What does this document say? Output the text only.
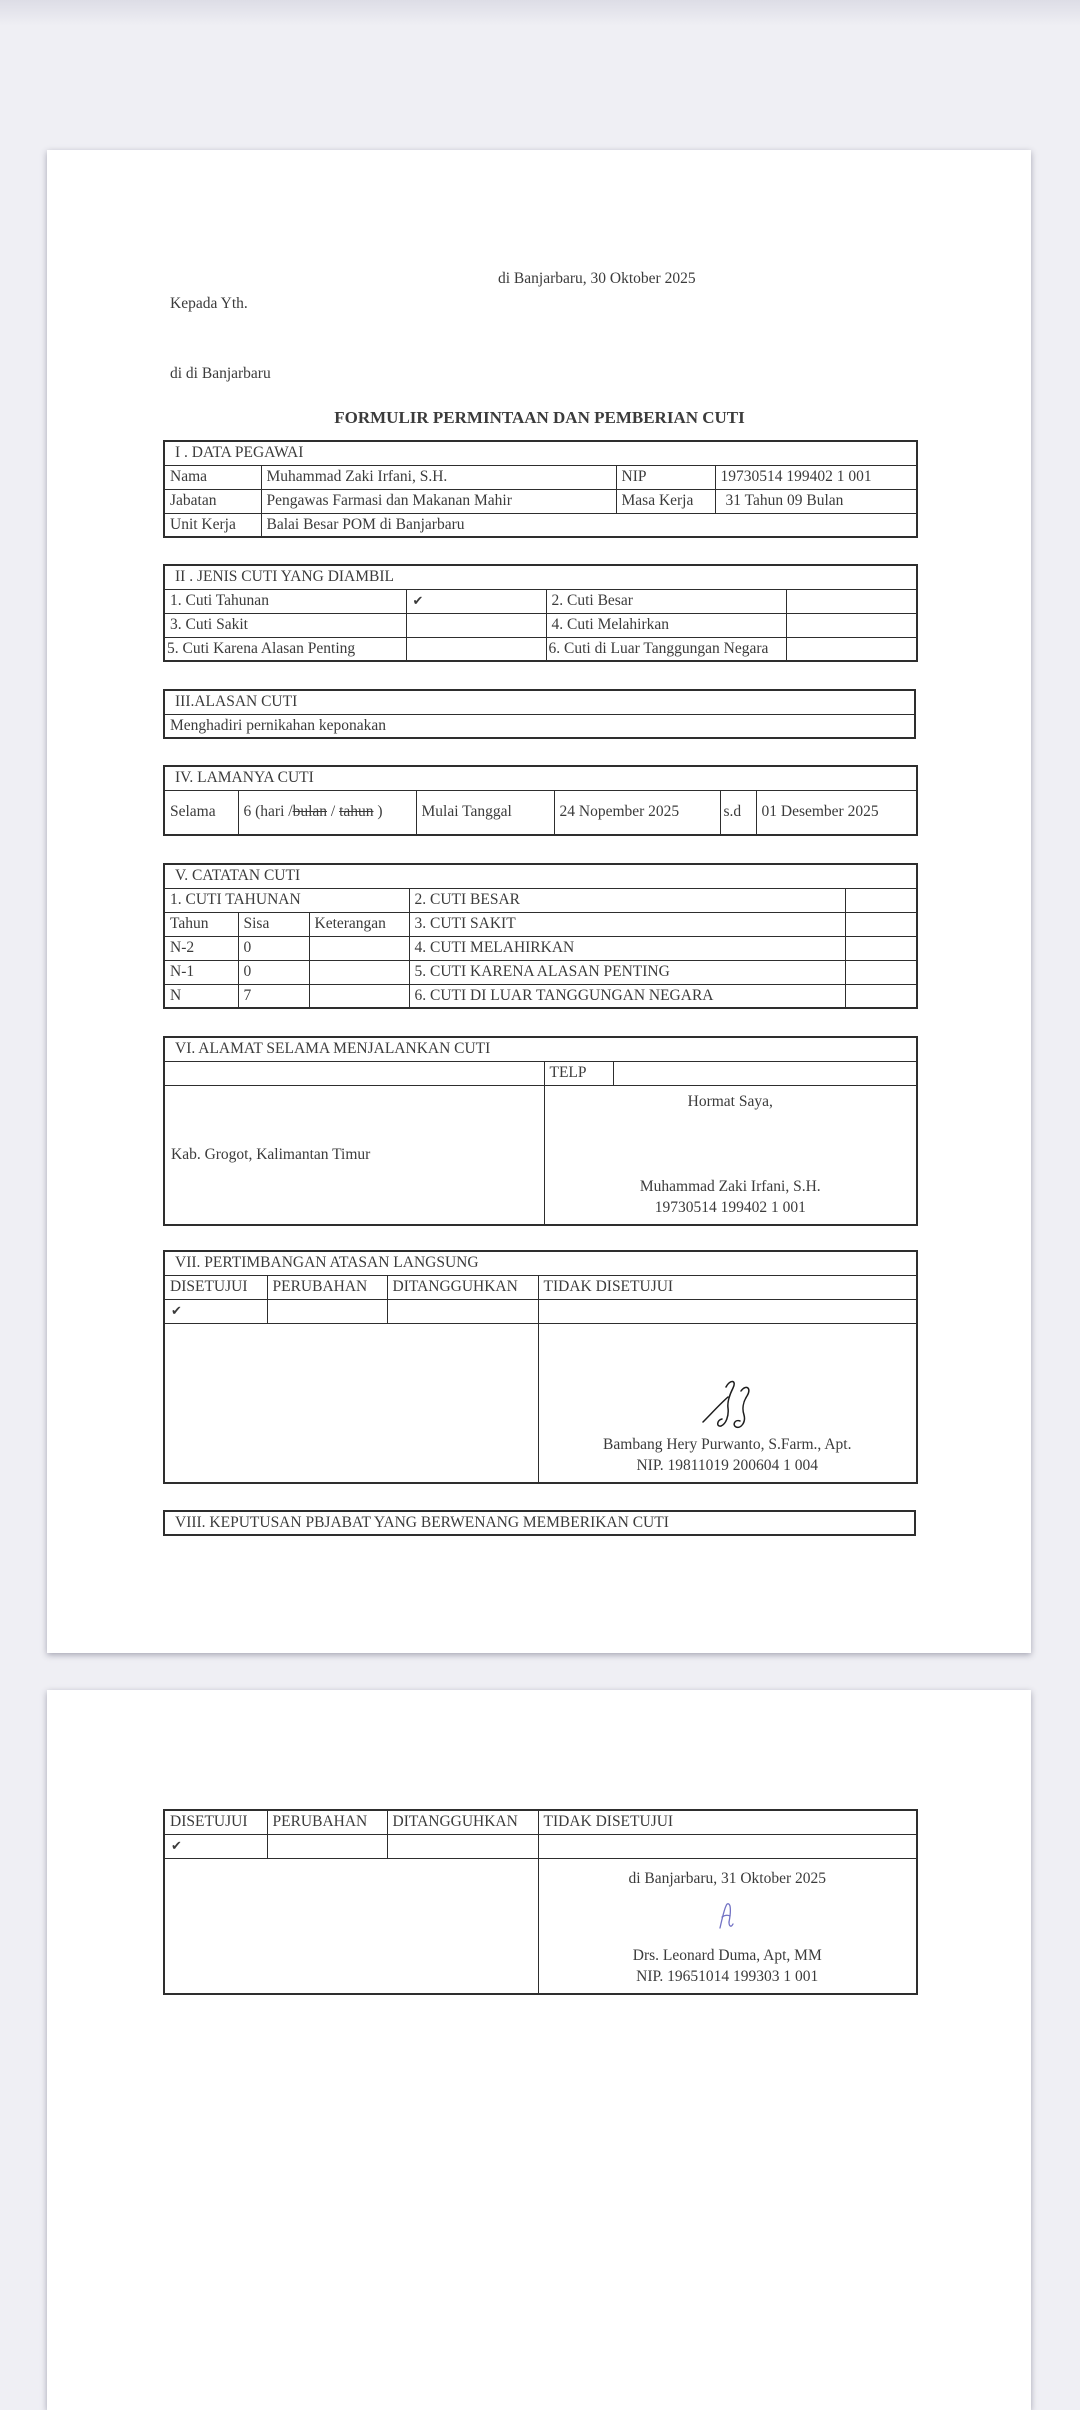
di Banjarbaru, 30 Oktober 2025
Kepada Yth.
di di Banjarbaru
FORMULIR PERMINTAAN DAN PEMBERIAN CUTI
I . DATA PEGAWAI			
Nama	Muhammad Zaki Irfani, S.H.	NIP	19730514 199402 1 001
Jabatan	Pengawas Farmasi dan Makanan Mahir	Masa Kerja	31 Tahun 09 Bulan
Unit Kerja	Balai Besar POM di Banjarbaru		
II . JENIS CUTI YANG DIAMBIL			
1. Cuti Tahunan	✔	2. Cuti Besar	
3. Cuti Sakit		4. Cuti Melahirkan	
5. Cuti Karena Alasan Penting		6. Cuti di Luar Tanggungan Negara	
III.ALASAN CUTI
Menghadiri pernikahan keponakan
IV. LAMANYA CUTI
Selama	6 (hari /bulan / tahun )	Mulai Tanggal	24 Nopember 2025	s.d	01 Desember 2025
V. CATATAN CUTI				
1. CUTI TAHUNAN			2. CUTI BESAR	
Tahun	Sisa	Keterangan	3. CUTI SAKIT	
N-2	0		4. CUTI MELAHIRKAN	
N-1	0		5. CUTI KARENA ALASAN PENTING	
N	7		6. CUTI DI LUAR TANGGUNGAN NEGARA	
VI. ALAMAT SELAMA MENJALANKAN CUTI		
	TELP	
Kab. Grogot, Kalimantan Timur	Hormat Saya,
Muhammad Zaki Irfani, S.H.
19730514 199402 1 001	
VII. PERTIMBANGAN ATASAN LANGSUNG			
DISETUJUI	PERUBAHAN	DITANGGUHKAN	TIDAK DISETUJUI
✔			

			Bambang Hery Purwanto, S.Farm., Apt.
NIP. 19811019 200604 1 004
VIII. KEPUTUSAN PBJABAT YANG BERWENANG MEMBERIKAN CUTI
DISETUJUI	PERUBAHAN	DITANGGUHKAN	TIDAK DISETUJUI
✔			

			di Banjarbaru, 31 Oktober 2025
Drs. Leonard Duma, Apt, MM
NIP. 19651014 199303 1 001
